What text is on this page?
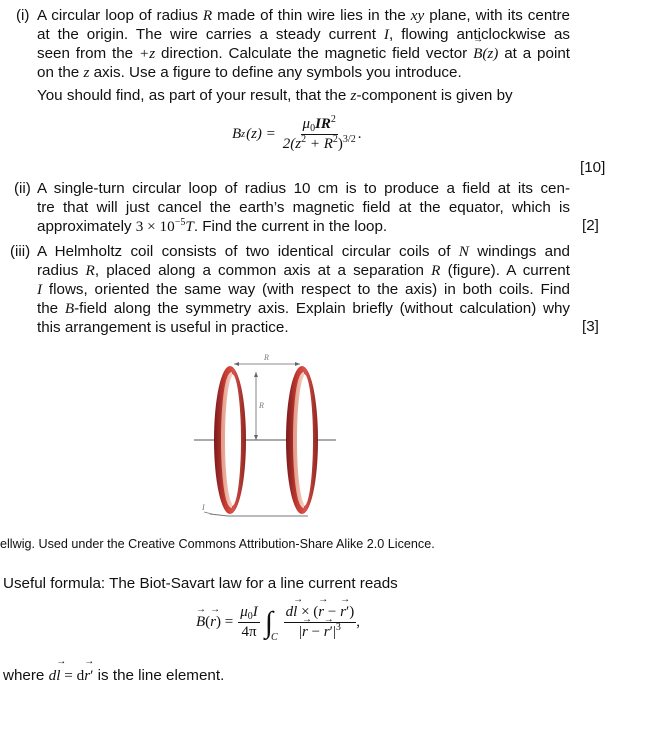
(i) A circular loop of radius R made of thin wire lies in the xy plane, with its centre
at the origin. The wire carries a steady current I, flowing anticlockwise as
seen from the +z direction. Calculate the magnetic field vector → B(z) at a point
on the z axis. Use a figure to define any symbols you introduce.
You should find, as part of your result, that the z-component is given by
B z $(z) = \frac{\mu_0IR^2}{2(z^2 + R^2)^{3/2}}$ .
[10]
(ii) A single-turn circular loop of radius 10 cm is to produce a field at its cen-
tre that will just cancel the earth’s magnetic field at the equator, which is
approximately $3 \times 10^{-5}T$. Find the current in the loop.	[2]
(iii) A Helmholtz coil consists of two identical circular coils of N windings and
radius R, placed along a common axis at a separation R (figure). A current
I flows, oriented the same way (with respect to the axis) in both coils. Find
the B-field along the symmetry axis. Explain briefly (without calculation) why
this arrangement is useful in practice.	[3]
R
R
I
ellwig. Used under the Creative Commons Attribution-Share Alike 2.0 Licence.
Useful formula: The Biot-Savart law for a line current reads
→ B (
→ r ) = $\frac{\mu_0I}{4\pi}$ ∫
C $\frac{d\to l \times (\to r - \to r')}{|\to r - \to r'|^3}$ ,
where d→ l = d→ r′ is the line element.
